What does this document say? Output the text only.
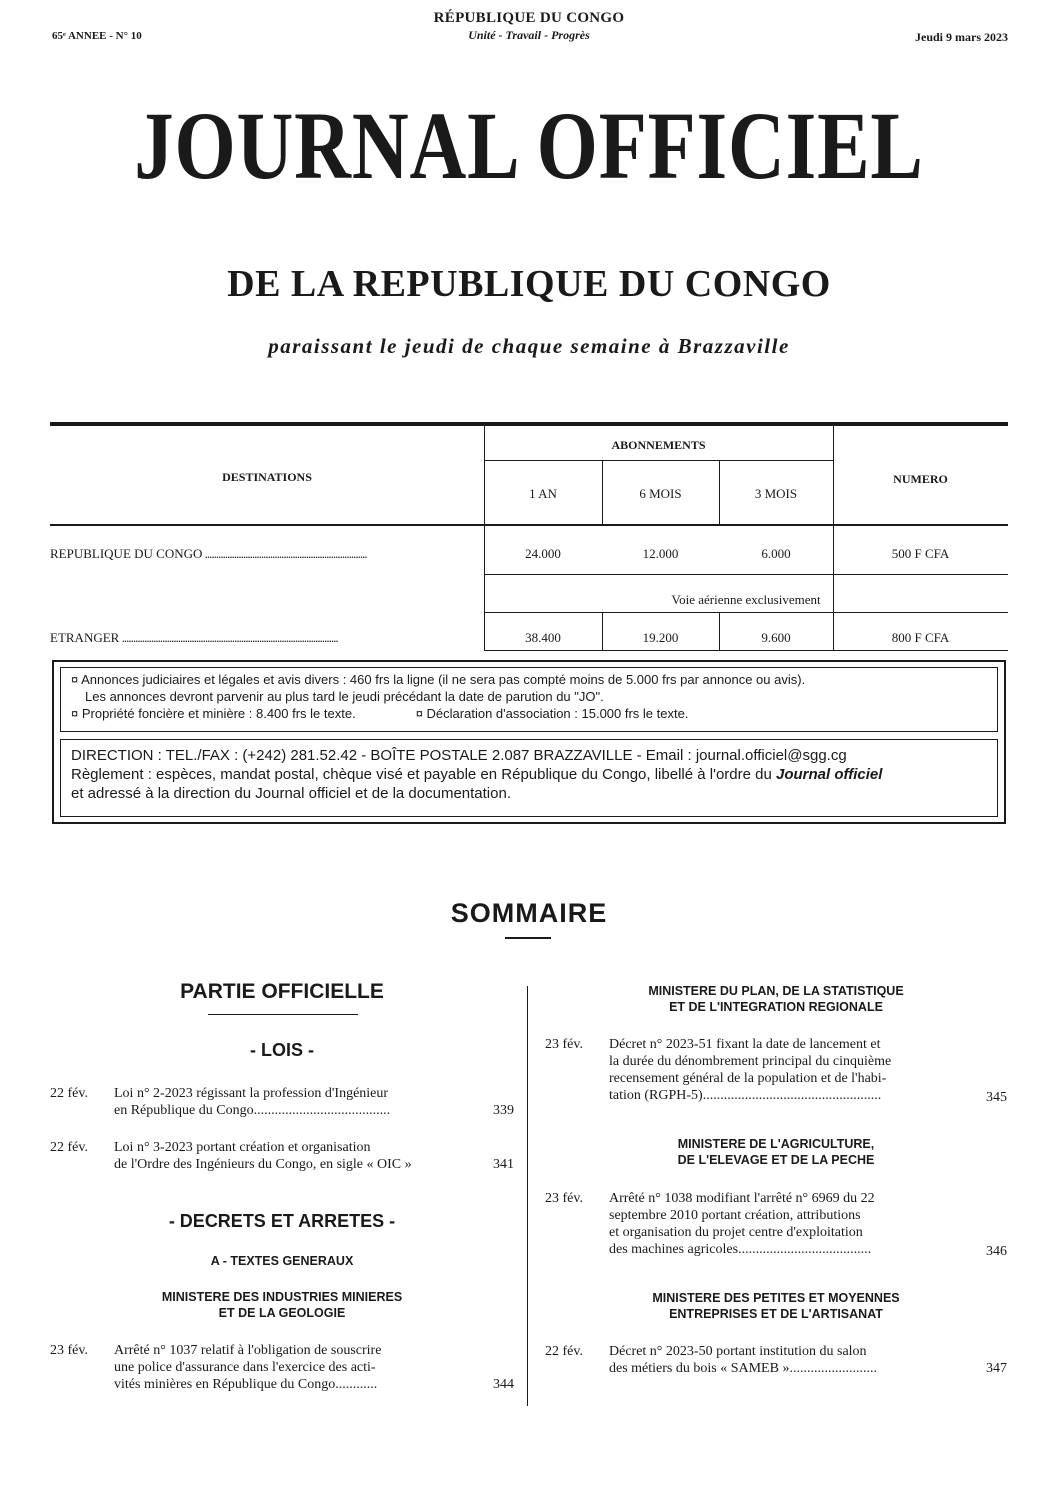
65ᵉ ANNEE - N° 10
RÉPUBLIQUE DU CONGO
Unité - Travail - Progrès	Jeudi 9 mars 2023
JOURNAL OFFICIEL
DE LA REPUBLIQUE DU CONGO
paraissant le jeudi de chaque semaine à Brazzaville
DESTINATIONS
ABONNEMENTS
1 AN	6 MOIS	3 MOIS
NUMERO
REPUBLIQUE DU CONGO ........................................................................	24.000	12.000	6.000	500 F CFA
Voie aérienne exclusivement
ETRANGER ................................................................................................	38.400	19.200	9.600	800 F CFA
¤ Annonces judiciaires et légales et avis divers : 460 frs la ligne (il ne sera pas compté moins de 5.000 frs par annonce ou avis).
Les annonces devront parvenir au plus tard le jeudi précédant la date de parution du "JO".
¤ Propriété foncière et minière : 8.400 frs le texte.	¤ Déclaration d'association : 15.000 frs le texte.
DIRECTION : TEL./FAX : (+242) 281.52.42 - BOÎTE POSTALE 2.087 BRAZZAVILLE - Email : journal.officiel@sgg.cg
Règlement : espèces, mandat postal, chèque visé et payable en République du Congo, libellé à l'ordre du Journal officiel
et adressé à la direction du Journal officiel et de la documentation.
SOMMAIRE
PARTIE OFFICIELLE
- LOIS -
22 fév. Loi n° 2-2023 régissant la profession d'Ingénieur
en République du Congo.......................................	339
22 fév. Loi n° 3-2023 portant création et organisation
de l'Ordre des Ingénieurs du Congo, en sigle « OIC »	341
- DECRETS ET ARRETES -
A - TEXTES GENERAUX
MINISTERE DES INDUSTRIES MINIERES
ET DE LA GEOLOGIE
23 fév. Arrêté n° 1037 relatif à l'obligation de souscrire
une police d'assurance dans l'exercice des acti-
vités minières en République du Congo............	344
MINISTERE DU PLAN, DE LA STATISTIQUE
ET DE L'INTEGRATION REGIONALE
23 fév. Décret n° 2023-51 fixant la date de lancement et
la durée du dénombrement principal du cinquième
recensement général de la population et de l'habi-
tation (RGPH-5)...................................................	345
MINISTERE DE L'AGRICULTURE,
DE L'ELEVAGE ET DE LA PECHE
23 fév. Arrêté n° 1038 modifiant l'arrêté n° 6969 du 22
septembre 2010 portant création, attributions
et organisation du projet centre d'exploitation
des machines agricoles......................................	346
MINISTERE DES PETITES ET MOYENNES
ENTREPRISES ET DE L'ARTISANAT
22 fév. Décret n° 2023-50 portant institution du salon
des métiers du bois « SAMEB ».........................	347
